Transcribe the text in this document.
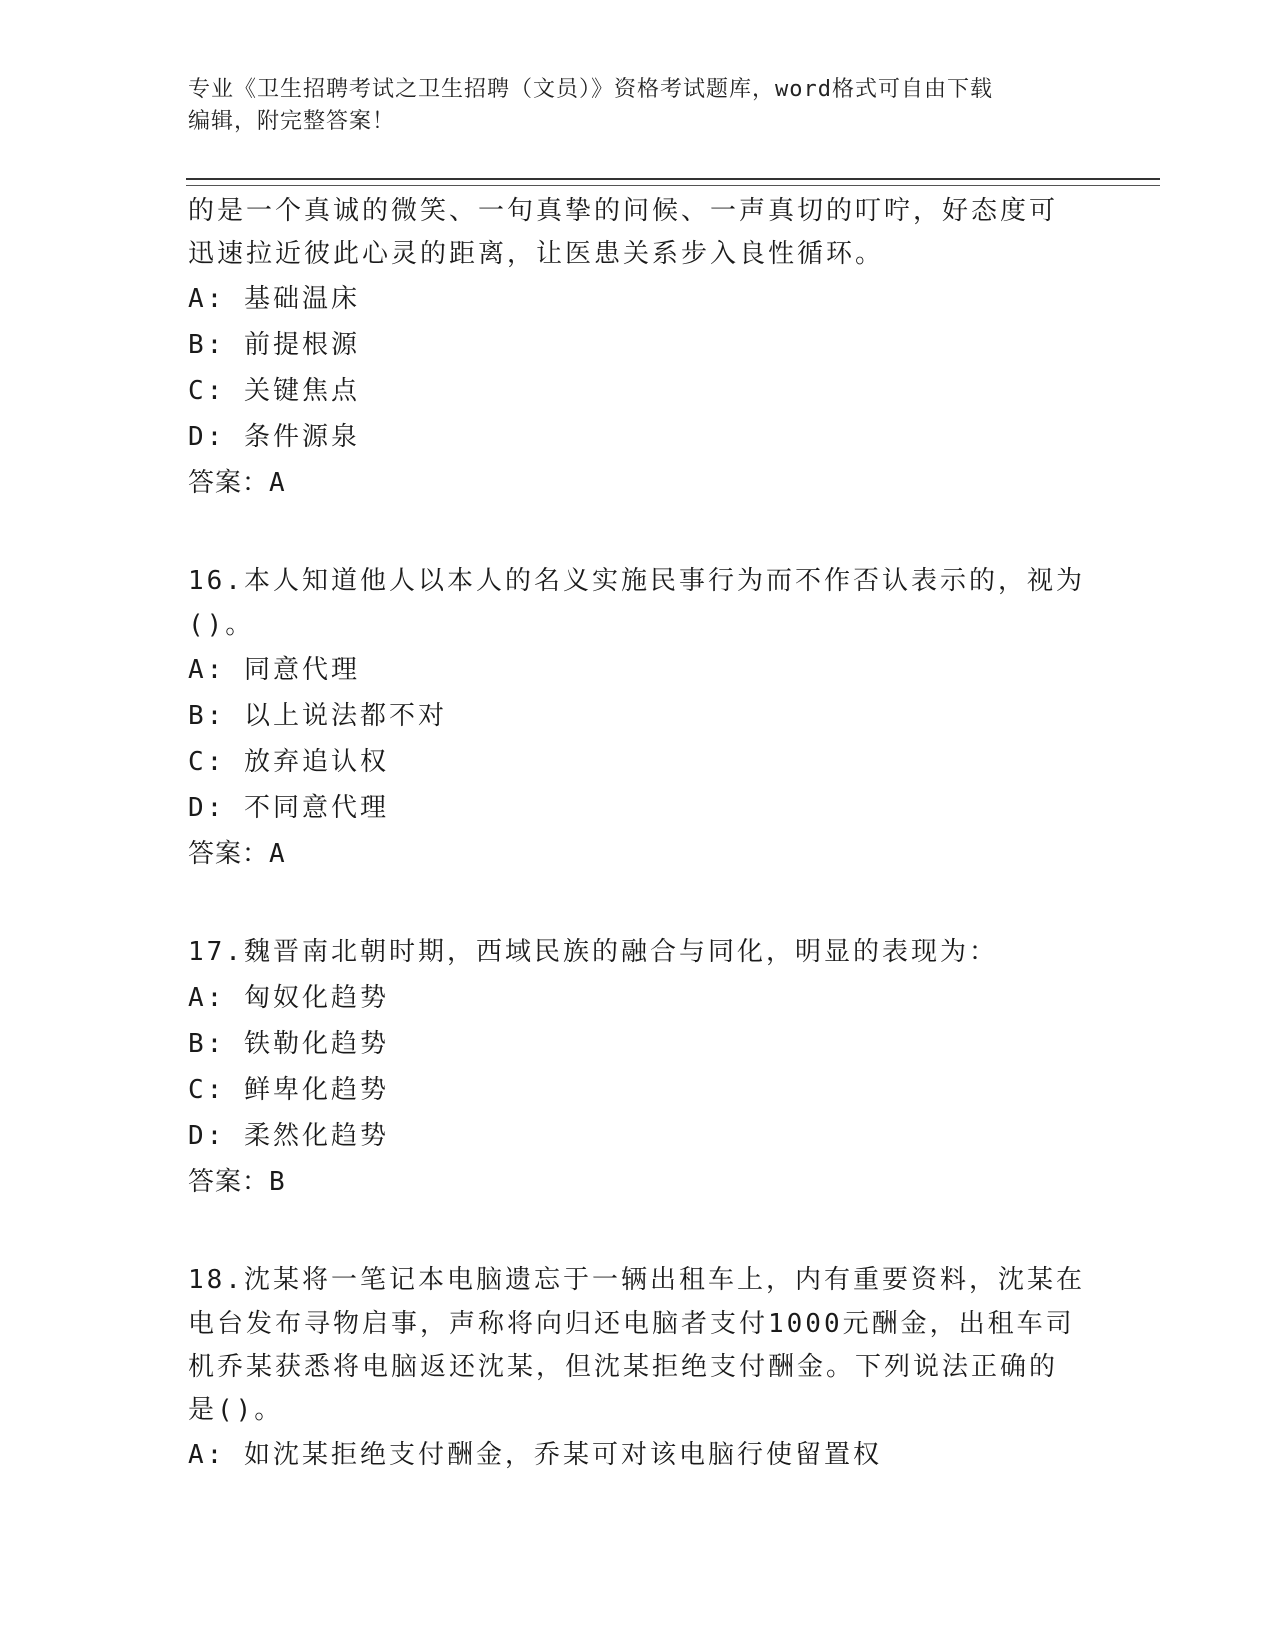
专业《卫生招聘考试之卫生招聘（文员）》资格考试题库，word格式可自由下载
编辑，附完整答案！

的是一个真诚的微笑、一句真挚的问候、一声真切的叮咛，好态度可

迅速拉近彼此心灵的距离，让医患关系步入良性循环。

A: 基础温床

B: 前提根源

C: 关键焦点

D: 条件源泉

答案：A

16.本人知道他人以本人的名义实施民事行为而不作否认表示的，视为

()。

A: 同意代理

B: 以上说法都不对

C: 放弃追认权

D: 不同意代理

答案：A

17.魏晋南北朝时期，西域民族的融合与同化，明显的表现为：

A: 匈奴化趋势

B: 铁勒化趋势

C: 鲜卑化趋势

D: 柔然化趋势

答案：B

18.沈某将一笔记本电脑遗忘于一辆出租车上，内有重要资料，沈某在

电台发布寻物启事，声称将向归还电脑者支付1000元酬金，出租车司

机乔某获悉将电脑返还沈某，但沈某拒绝支付酬金。下列说法正确的

是()。

A: 如沈某拒绝支付酬金，乔某可对该电脑行使留置权
